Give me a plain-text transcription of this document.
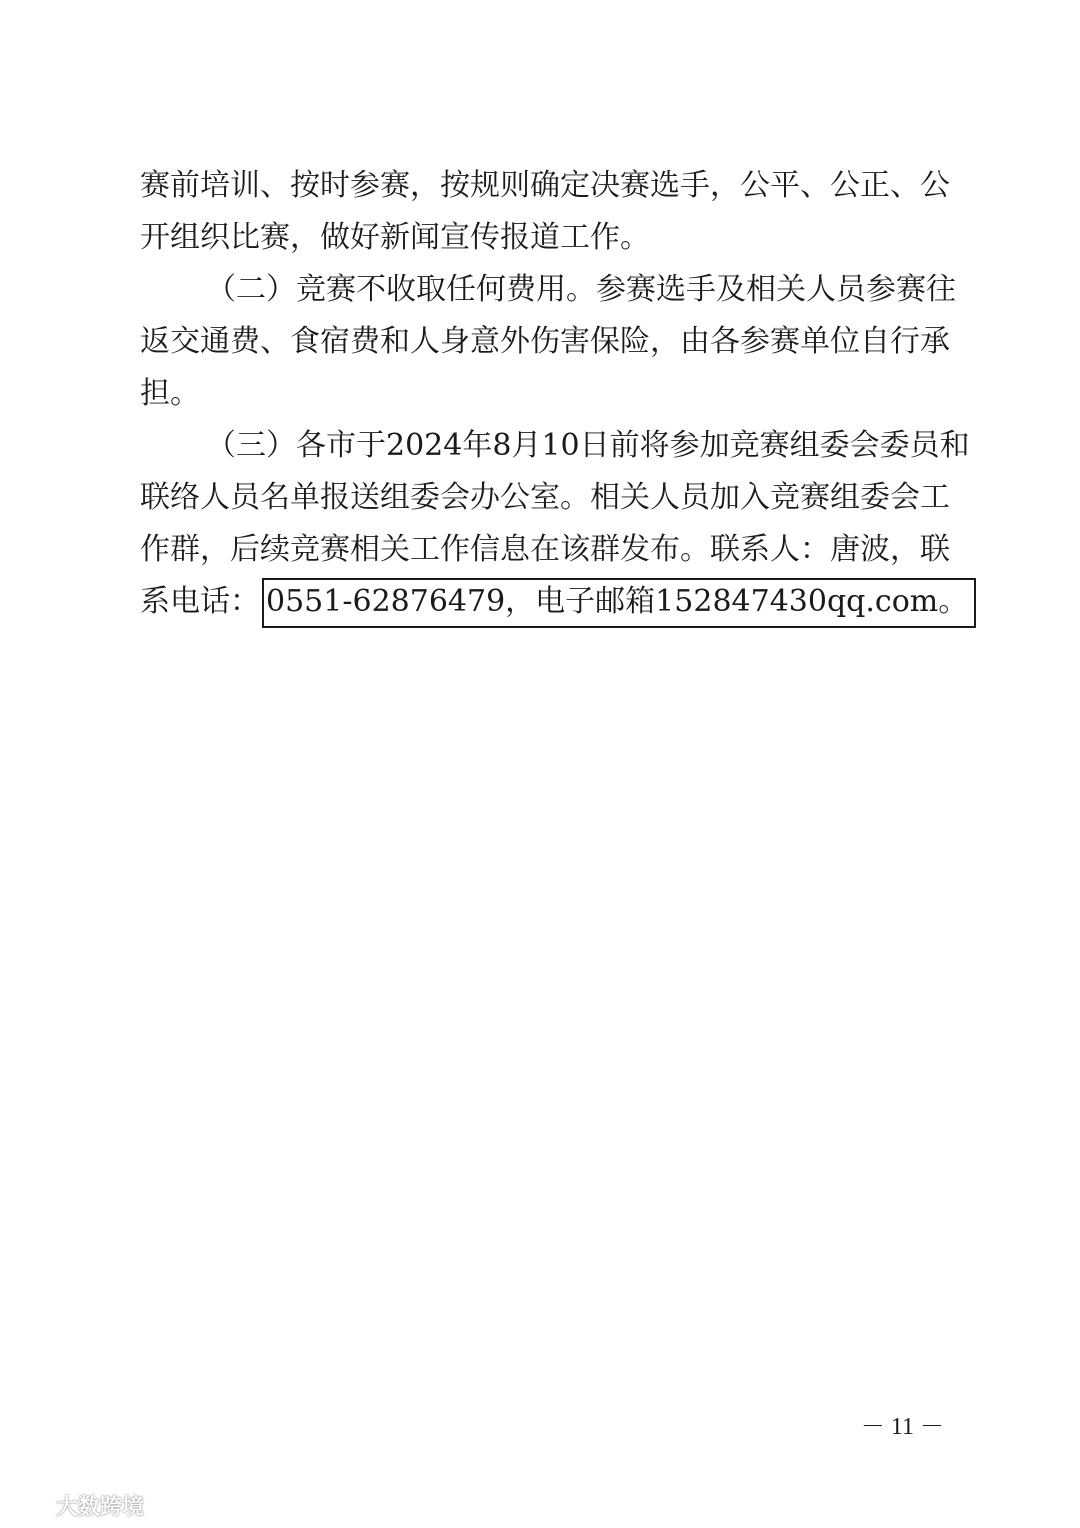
赛前培训、按时参赛，按规则确定决赛选手，公平、公正、公
开组织比赛，做好新闻宣传报道工作。
（二）竞赛不收取任何费用。参赛选手及相关人员参赛往
返交通费、食宿费和人身意外伤害保险，由各参赛单位自行承
担。
（三）各市于2024年8月10日前将参加竞赛组委会委员和
联络人员名单报送组委会办公室。相关人员加入竞赛组委会工
作群，后续竞赛相关工作信息在该群发布。联系人：唐波，联
系电话： 0551-62876479，电子邮箱152847430qq.com。
－ 11 －
大数跨境
